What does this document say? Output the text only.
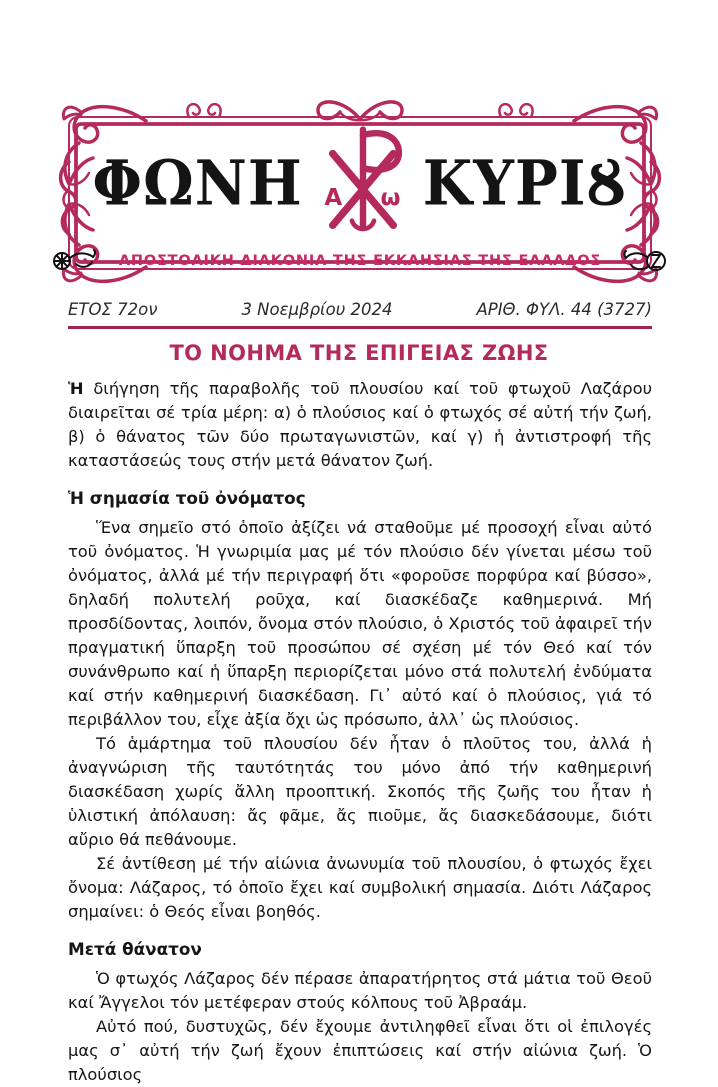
ΦΩΝΗ Α ω ΚΥΡΙȢ
ΑΠΟΣΤΟΛΙΚΗ ΔΙΑΚΟΝΙΑ ΤΗΣ ΕΚΚΛΗΣΙΑΣ ΤΗΣ ΕΛΛΑΔΟΣ
ΕΤΟΣ 72ον	3 Νοεμβρίου 2024	ΑΡΙΘ. ΦΥΛ. 44 (3727)
ΤΟ ΝΟΗΜΑ ΤΗΣ ΕΠΙΓΕΙΑΣ ΖΩΗΣ

Ἡ διήγηση τῆς παραβολῆς τοῦ πλουσίου καί τοῦ φτωχοῦ Λαζάρου διαιρεῖται σέ τρία μέρη: α) ὁ πλούσιος καί ὁ φτωχός σέ αὐτή τήν ζωή, β) ὁ θάνατος τῶν δύο πρωταγωνιστῶν, καί γ) ἡ ἀντιστροφή τῆς καταστάσεώς τους στήν μετά θάνατον ζωή.

Ἡ σημασία τοῦ ὀνόματος

Ἕνα σημεῖο στό ὁποῖο ἀξίζει νά σταθοῦμε μέ προσοχή εἶναι αὐτό τοῦ ὀνόματος. Ἡ γνωριμία μας μέ τόν πλούσιο δέν γίνεται μέσω τοῦ ὀνόματος, ἀλλά μέ τήν περιγραφή ὅτι «φοροῦσε πορφύρα καί βύσσο», δηλαδή πολυτελή ροῦχα, καί διασκέδαζε καθημερινά. Μή προσδίδοντας, λοιπόν, ὄνομα στόν πλούσιο, ὁ Χριστός τοῦ ἀφαιρεῖ τήν πραγματική ὕπαρξη τοῦ προσώπου σέ σχέση μέ τόν Θεό καί τόν συνάνθρωπο καί ἡ ὕπαρξη περιορίζεται μόνο στά πολυτελή ἐνδύματα καί στήν καθημερινή διασκέδαση. Γι᾽ αὐτό καί ὁ πλούσιος, γιά τό περιβάλλον του, εἶχε ἀξία ὄχι ὡς πρόσωπο, ἀλλ᾽ ὡς πλούσιος.

Τό ἁμάρτημα τοῦ πλουσίου δέν ἦταν ὁ πλοῦτος του, ἀλλά ἡ ἀναγνώριση τῆς ταυτότητάς του μόνο ἀπό τήν καθημερινή διασκέδαση χωρίς ἄλλη προοπτική. Σκοπός τῆς ζωῆς του ἦταν ἡ ὑλιστική ἀπόλαυση: ἄς φᾶμε, ἄς πιοῦμε, ἄς διασκεδάσουμε, διότι αὔριο θά πεθάνουμε.

Σέ ἀντίθεση μέ τήν αἰώνια ἀνωνυμία τοῦ πλουσίου, ὁ φτωχός ἔχει ὄνομα: Λάζαρος, τό ὁποῖο ἔχει καί συμβολική σημασία. Διότι Λάζαρος σημαίνει: ὁ Θεός εἶναι βοηθός.

Μετά θάνατον

Ὁ φτωχός Λάζαρος δέν πέρασε ἀπαρατήρητος στά μάτια τοῦ Θεοῦ καί Ἄγγελοι τόν μετέφεραν στούς κόλπους τοῦ Ἀβραάμ.

Αὐτό πού, δυστυχῶς, δέν ἔχουμε ἀντιληφθεῖ εἶναι ὅτι οἱ ἐπιλογές μας σ᾽ αὐτή τήν ζωή ἔχουν ἐπιπτώσεις καί στήν αἰώνια ζωή. Ὁ πλούσιος
